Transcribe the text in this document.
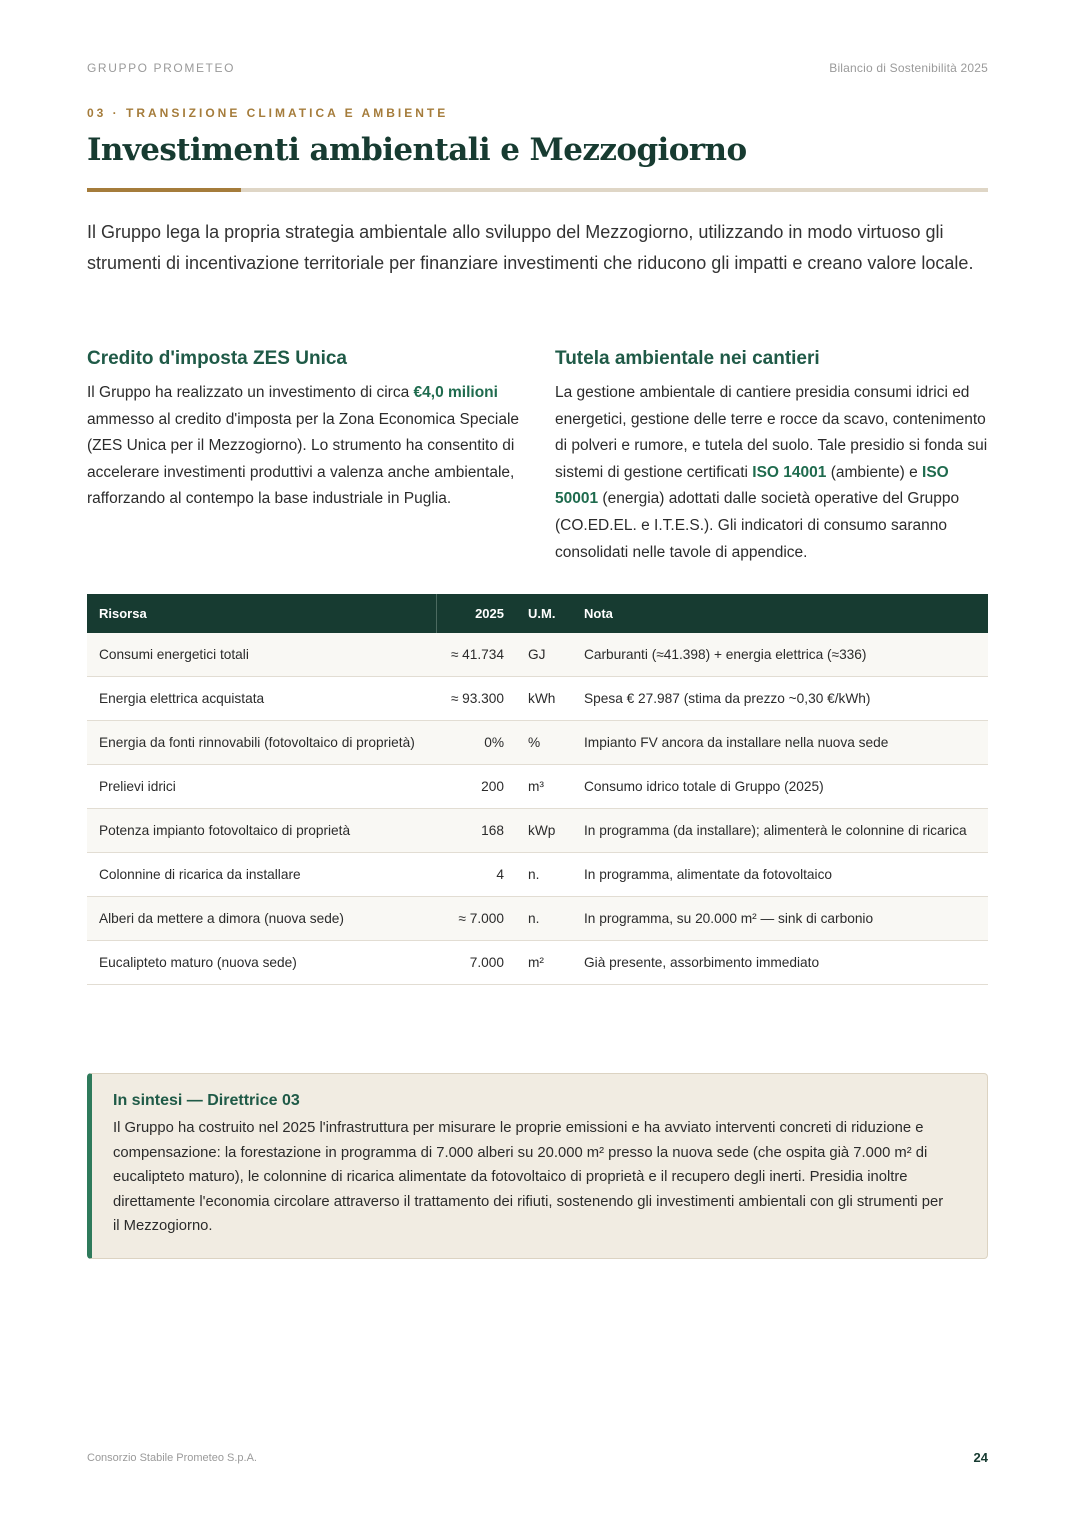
GRUPPO PROMETEO	Bilancio di Sostenibilità 2025
03 · TRANSIZIONE CLIMATICA E AMBIENTE
Investimenti ambientali e Mezzogiorno

Il Gruppo lega la propria strategia ambientale allo sviluppo del Mezzogiorno, utilizzando in modo virtuoso gli strumenti di incentivazione territoriale per finanziare investimenti che riducono gli impatti e creano valore locale.

Credito d'imposta ZES Unica

Il Gruppo ha realizzato un investimento di circa €4,0 milioni ammesso al credito d'imposta per la Zona Economica Speciale (ZES Unica per il Mezzogiorno). Lo strumento ha consentito di accelerare investimenti produttivi a valenza anche ambientale, rafforzando al contempo la base industriale in Puglia.

Tutela ambientale nei cantieri

La gestione ambientale di cantiere presidia consumi idrici ed energetici, gestione delle terre e rocce da scavo, contenimento di polveri e rumore, e tutela del suolo. Tale presidio si fonda sui sistemi di gestione certificati ISO 14001 (ambiente) e ISO 50001 (energia) adottati dalle società operative del Gruppo (CO.ED.EL. e I.T.E.S.). Gli indicatori di consumo saranno consolidati nelle tavole di appendice.

Risorsa	2025	U.M.	Nota
Consumi energetici totali	≈ 41.734	GJ	Carburanti (≈41.398) + energia elettrica (≈336)
Energia elettrica acquistata	≈ 93.300	kWh	Spesa € 27.987 (stima da prezzo ~0,30 €/kWh)
Energia da fonti rinnovabili (fotovoltaico di proprietà)	0%	%	Impianto FV ancora da installare nella nuova sede
Prelievi idrici	200	m³	Consumo idrico totale di Gruppo (2025)
Potenza impianto fotovoltaico di proprietà	168	kWp	In programma (da installare); alimenterà le colonnine di ricarica
Colonnine di ricarica da installare	4	n.	In programma, alimentate da fotovoltaico
Alberi da mettere a dimora (nuova sede)	≈ 7.000	n.	In programma, su 20.000 m² — sink di carbonio
Eucalipteto maturo (nuova sede)	7.000	m²	Già presente, assorbimento immediato
In sintesi — Direttrice 03

Il Gruppo ha costruito nel 2025 l'infrastruttura per misurare le proprie emissioni e ha avviato interventi concreti di riduzione e compensazione: la forestazione in programma di 7.000 alberi su 20.000 m² presso la nuova sede (che ospita già 7.000 m² di eucalipteto maturo), le colonnine di ricarica alimentate da fotovoltaico di proprietà e il recupero degli inerti. Presidia inoltre direttamente l'economia circolare attraverso il trattamento dei rifiuti, sostenendo gli investimenti ambientali con gli strumenti per il Mezzogiorno.

Consorzio Stabile Prometeo S.p.A.	24
